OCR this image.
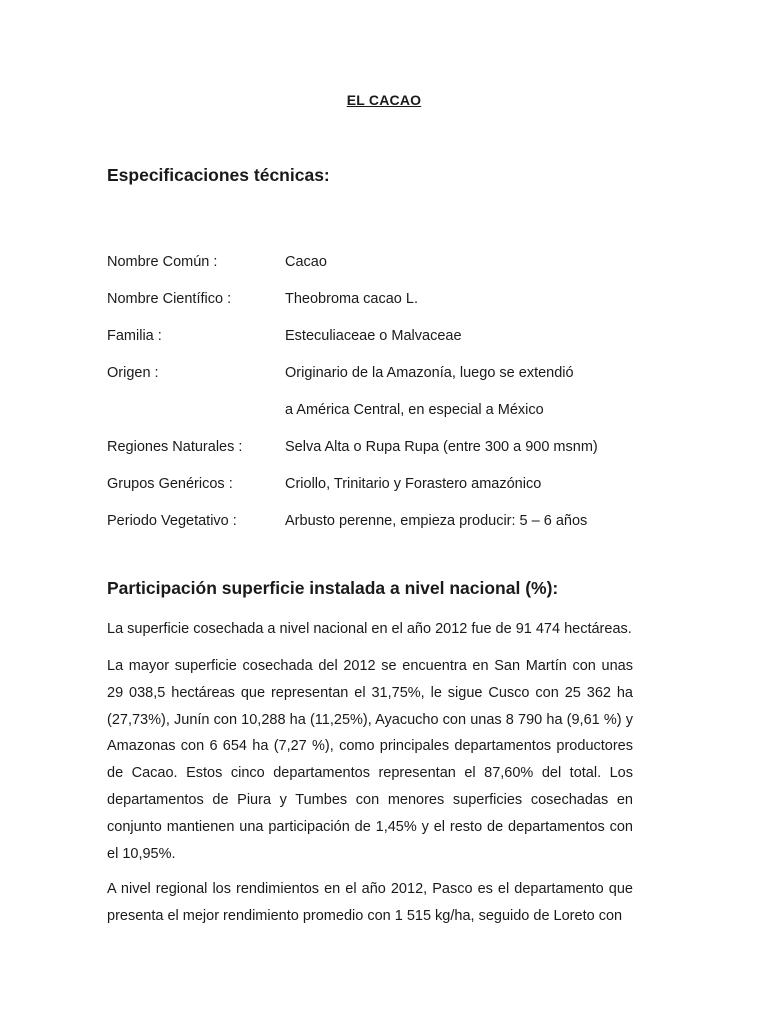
EL CACAO
Especificaciones técnicas:
Nombre Común :	Cacao
Nombre Científico :	Theobroma cacao L.
Familia :	Esteculiaceae o Malvaceae
Origen :	Originario de la Amazonía, luego se extendió
a América Central, en especial a México
Regiones Naturales :	Selva Alta o Rupa Rupa (entre 300 a 900 msnm)
Grupos Genéricos :	Criollo, Trinitario y Forastero amazónico
Periodo Vegetativo :	Arbusto perenne, empieza producir: 5 – 6 años
Participación superficie instalada a nivel nacional (%):

La superficie cosechada a nivel nacional en el año 2012 fue de 91 474 hectáreas.

La mayor superficie cosechada del 2012 se encuentra en San Martín con unas 29 038,5 hectáreas que representan el 31,75%, le sigue Cusco con 25 362 ha (27,73%), Junín con 10,288 ha (11,25%), Ayacucho con unas 8 790 ha (9,61 %) y Amazonas con 6 654 ha (7,27 %), como principales departamentos productores de Cacao. Estos cinco departamentos representan el 87,60% del total. Los departamentos de Piura y Tumbes con menores superficies cosechadas en conjunto mantienen una participación de 1,45% y el resto de departamentos con el 10,95%.

A nivel regional los rendimientos en el año 2012, Pasco es el departamento que presenta el mejor rendimiento promedio con 1 515 kg/ha, seguido de Loreto con
